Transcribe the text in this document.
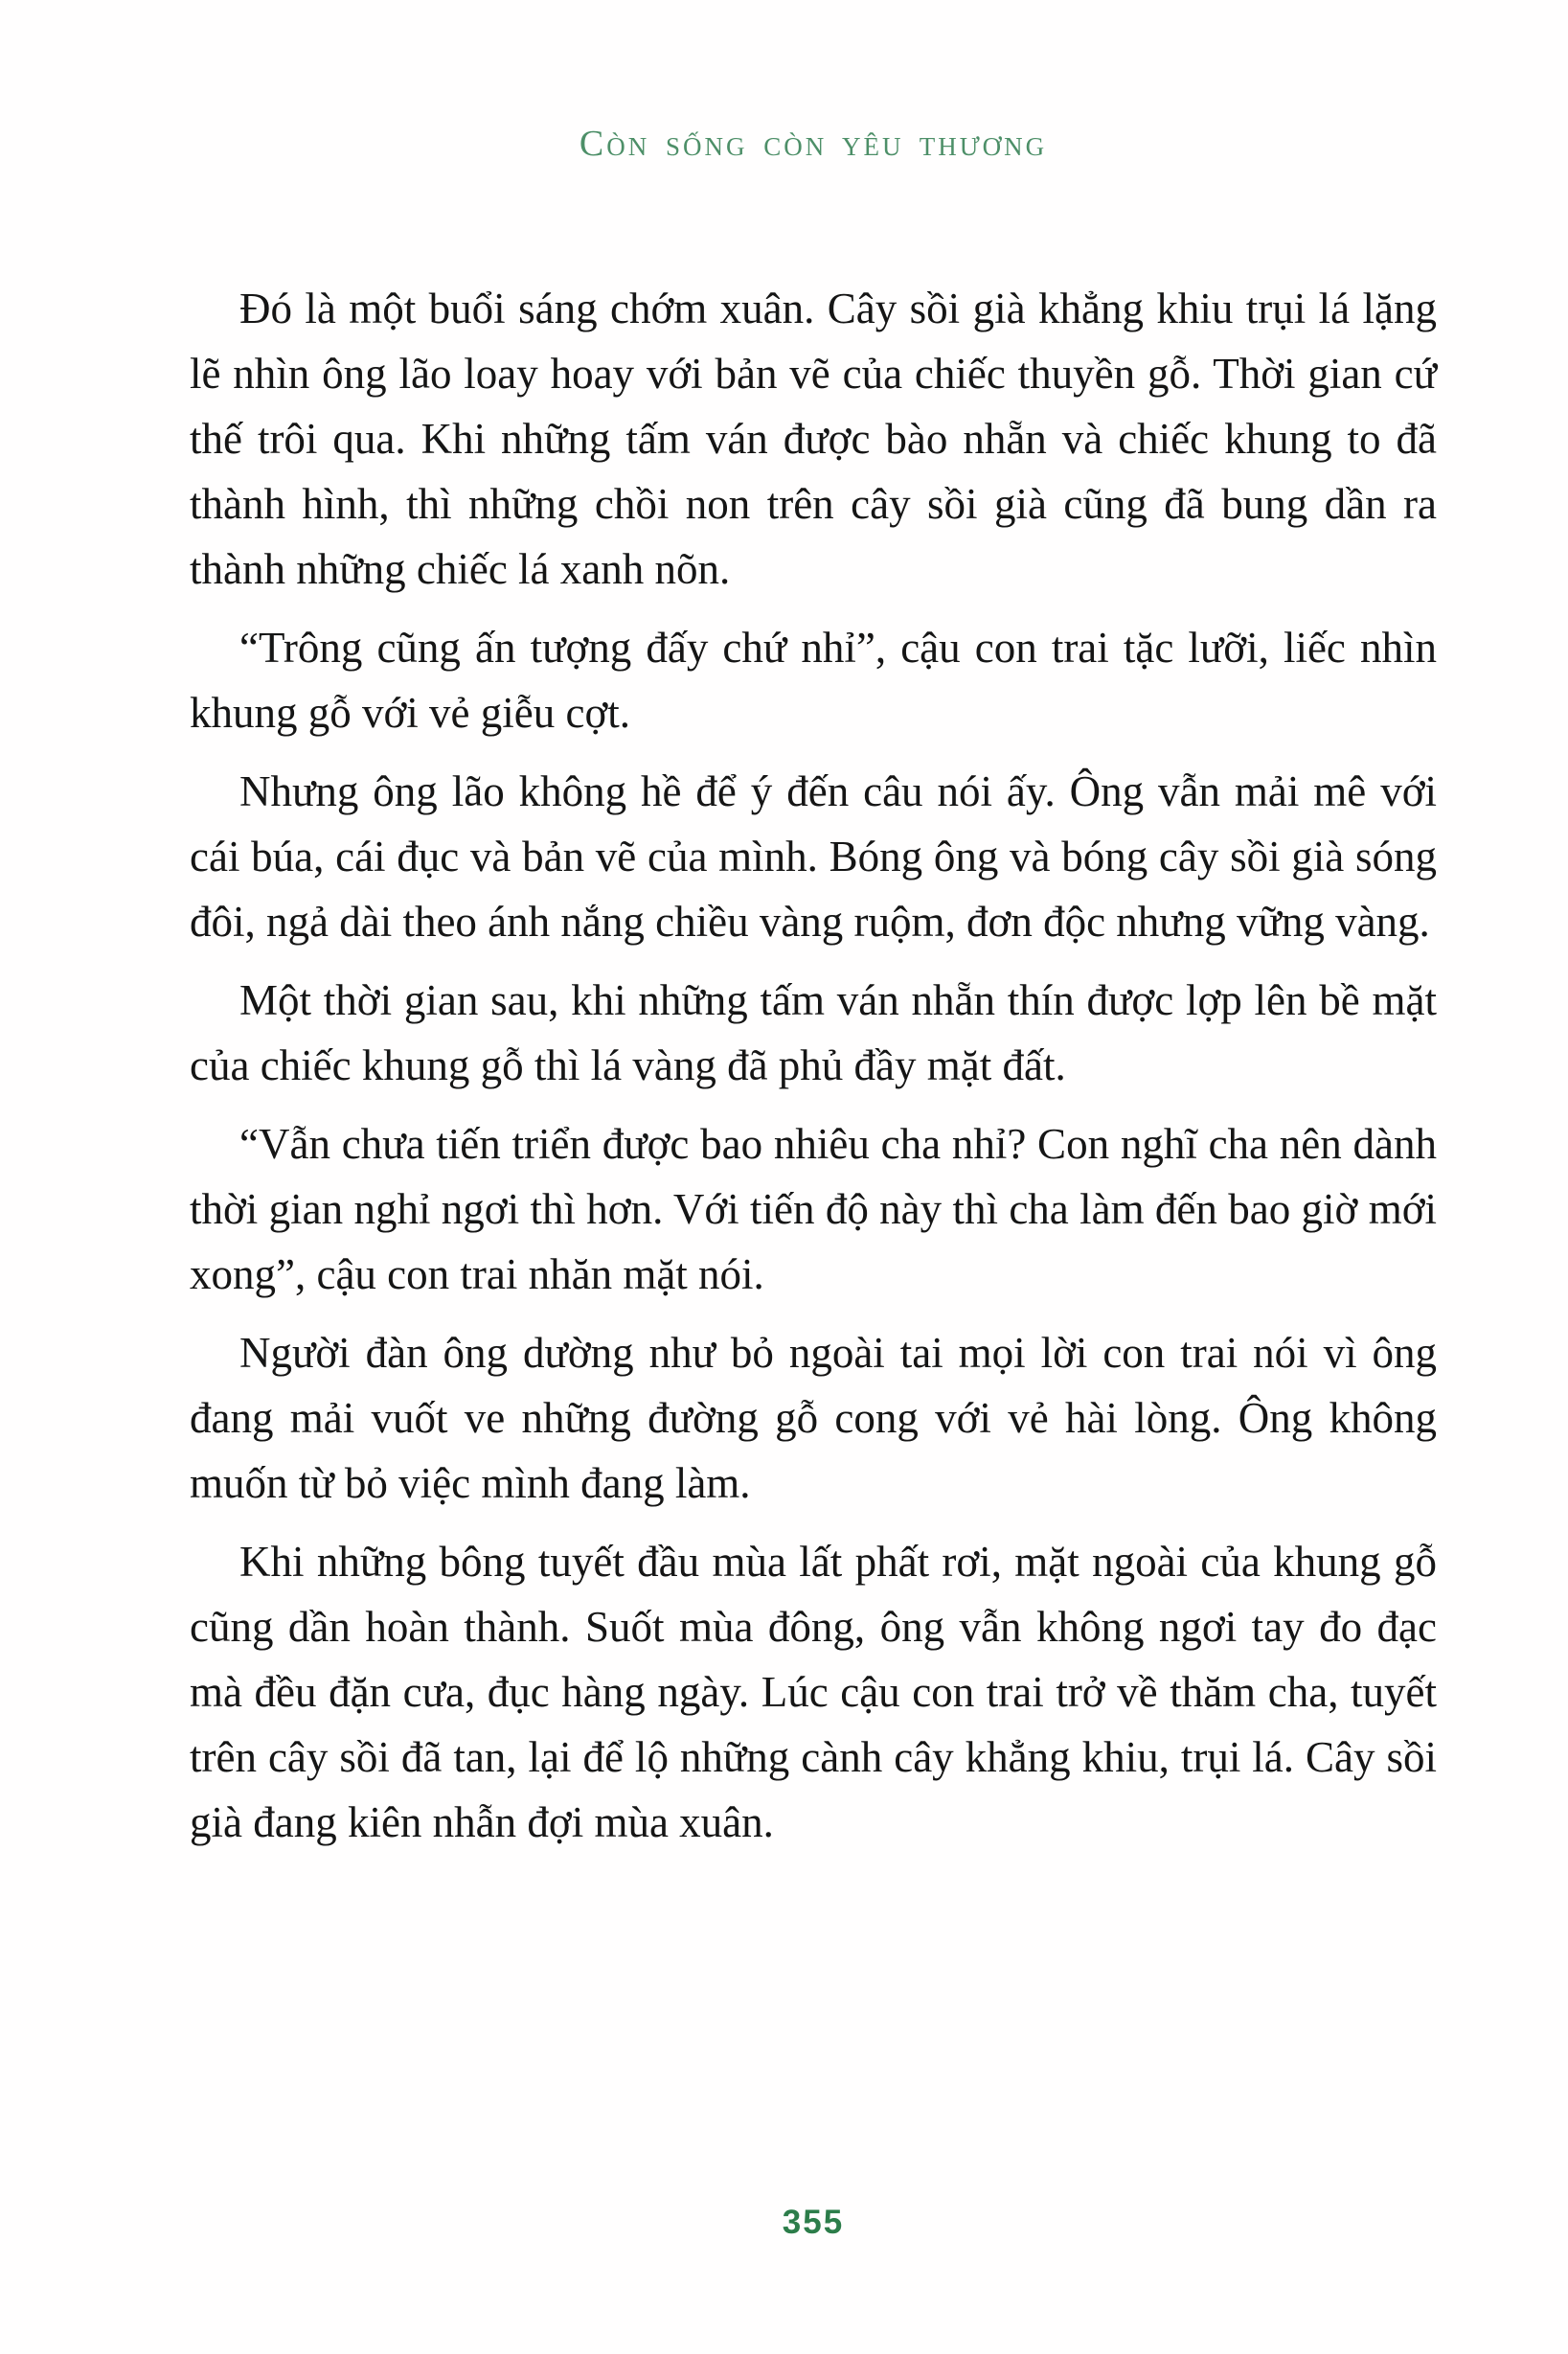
CÒN SỐNG CÒN YÊU THƯƠNG

Đó là một buổi sáng chớm xuân. Cây sồi già khẳng khiu trụi lá lặng lẽ nhìn ông lão loay hoay với bản vẽ của chiếc thuyền gỗ. Thời gian cứ thế trôi qua. Khi những tấm ván được bào nhẵn và chiếc khung to đã thành hình, thì những chồi non trên cây sồi già cũng đã bung dần ra thành những chiếc lá xanh nõn.

“Trông cũng ấn tượng đấy chứ nhỉ”, cậu con trai tặc lưỡi, liếc nhìn khung gỗ với vẻ giễu cợt.

Nhưng ông lão không hề để ý đến câu nói ấy. Ông vẫn mải mê với cái búa, cái đục và bản vẽ của mình. Bóng ông và bóng cây sồi già sóng đôi, ngả dài theo ánh nắng chiều vàng ruộm, đơn độc nhưng vững vàng.

Một thời gian sau, khi những tấm ván nhẵn thín được lợp lên bề mặt của chiếc khung gỗ thì lá vàng đã phủ đầy mặt đất.

“Vẫn chưa tiến triển được bao nhiêu cha nhỉ? Con nghĩ cha nên dành thời gian nghỉ ngơi thì hơn. Với tiến độ này thì cha làm đến bao giờ mới xong”, cậu con trai nhăn mặt nói.

Người đàn ông dường như bỏ ngoài tai mọi lời con trai nói vì ông đang mải vuốt ve những đường gỗ cong với vẻ hài lòng. Ông không muốn từ bỏ việc mình đang làm.

Khi những bông tuyết đầu mùa lất phất rơi, mặt ngoài của khung gỗ cũng dần hoàn thành. Suốt mùa đông, ông vẫn không ngơi tay đo đạc mà đều đặn cưa, đục hàng ngày. Lúc cậu con trai trở về thăm cha, tuyết trên cây sồi đã tan, lại để lộ những cành cây khẳng khiu, trụi lá. Cây sồi già đang kiên nhẫn đợi mùa xuân.

355
